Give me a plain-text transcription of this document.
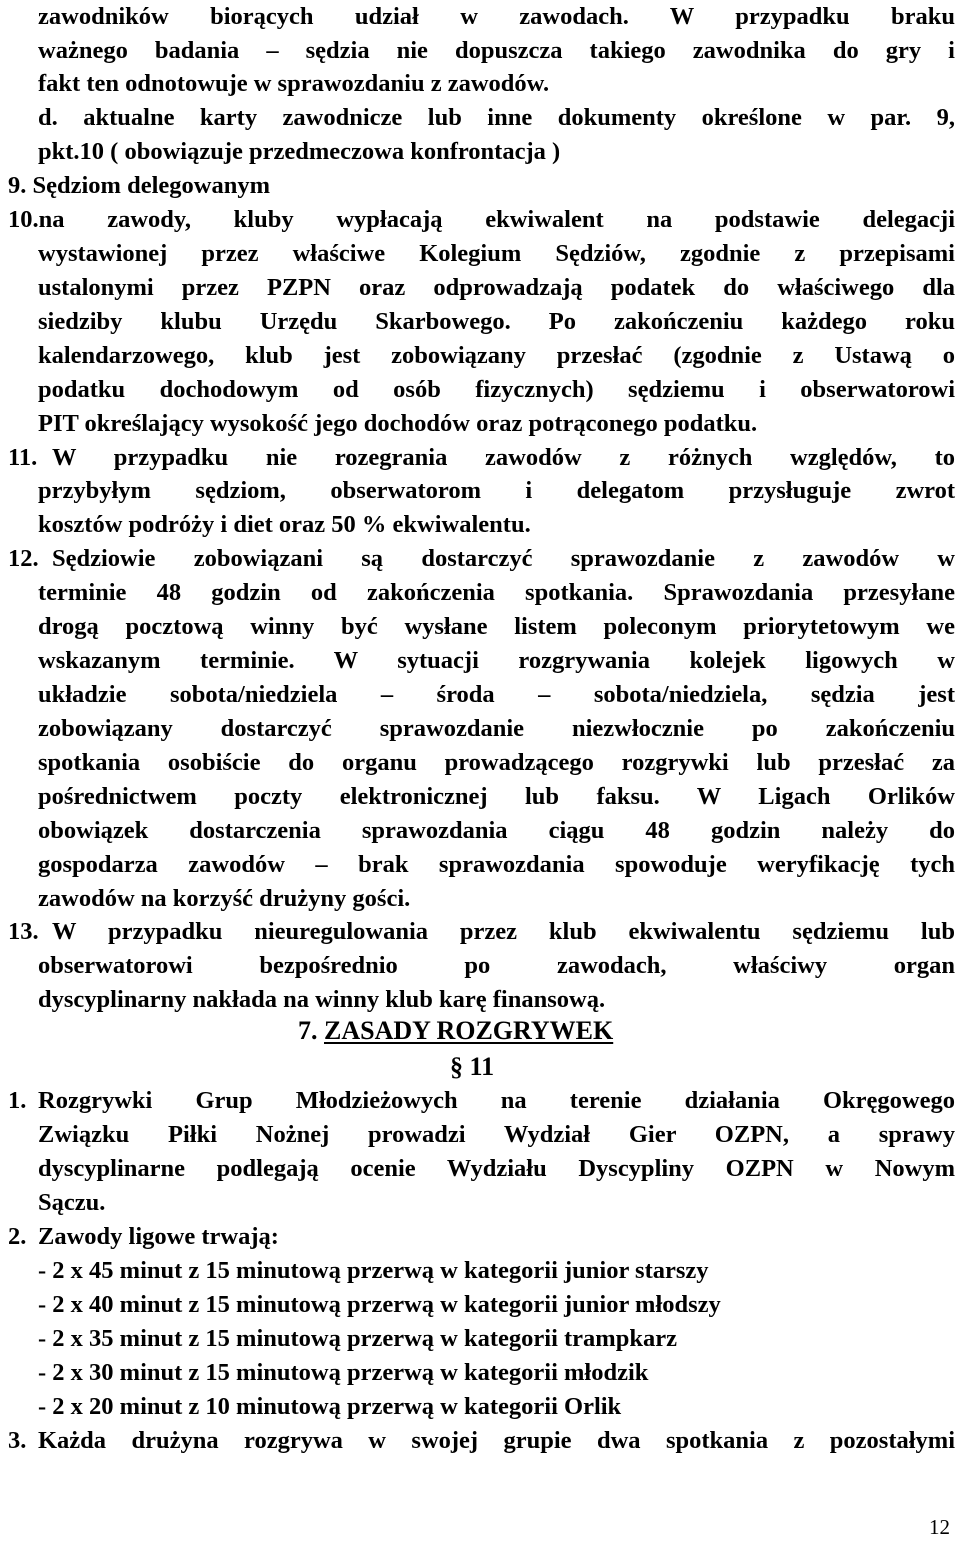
zawodników biorących udział w zawodach. W przypadku braku
ważnego badania – sędzia nie dopuszcza takiego zawodnika do gry i
fakt ten odnotowuje w sprawozdaniu z zawodów.
d. aktualne karty zawodnicze lub inne dokumenty określone w par. 9,
pkt.10 ( obowiązuje przedmeczowa konfrontacja )
9. Sędziom delegowanym
10.na zawody, kluby wypłacają ekwiwalent na podstawie delegacji
wystawionej przez właściwe Kolegium Sędziów, zgodnie z przepisami
ustalonymi przez PZPN oraz odprowadzają podatek do właściwego dla
siedziby klubu Urzędu Skarbowego. Po zakończeniu każdego roku
kalendarzowego, klub jest zobowiązany przesłać (zgodnie z Ustawą o
podatku dochodowym od osób fizycznych) sędziemu i obserwatorowi
PIT określający wysokość jego dochodów oraz potrąconego podatku.
11. W przypadku nie rozegrania zawodów z różnych względów, to
przybyłym sędziom, obserwatorom i delegatom przysługuje zwrot
kosztów podróży i diet oraz 50 % ekwiwalentu.
12. Sędziowie zobowiązani są dostarczyć sprawozdanie z zawodów w
terminie 48 godzin od zakończenia spotkania. Sprawozdania przesyłane
drogą pocztową winny być wysłane listem poleconym priorytetowym we
wskazanym terminie. W sytuacji rozgrywania kolejek ligowych w
układzie sobota/niedziela – środa – sobota/niedziela, sędzia jest
zobowiązany dostarczyć sprawozdanie niezwłocznie po zakończeniu
spotkania osobiście do organu prowadzącego rozgrywki lub przesłać za
pośrednictwem poczty elektronicznej lub faksu. W Ligach Orlików
obowiązek dostarczenia sprawozdania ciągu 48 godzin należy do
gospodarza zawodów – brak sprawozdania spowoduje weryfikację tych
zawodów na korzyść drużyny gości.
13. W przypadku nieuregulowania przez klub ekwiwalentu sędziemu lub
obserwatorowi bezpośrednio po zawodach, właściwy organ
dyscyplinarny nakłada na winny klub karę finansową.
7. ZASADY ROZGRYWEK
§ 11
1. Rozgrywki Grup Młodzieżowych na terenie działania Okręgowego
Związku Piłki Nożnej prowadzi Wydział Gier OZPN, a sprawy
dyscyplinarne podlegają ocenie Wydziału Dyscypliny OZPN w Nowym
Sączu.
2. Zawody ligowe trwają:
- 2 x 45 minut z 15 minutową przerwą w kategorii junior starszy
- 2 x 40 minut z 15 minutową przerwą w kategorii junior młodszy
- 2 x 35 minut z 15 minutową przerwą w kategorii trampkarz
- 2 x 30 minut z 15 minutową przerwą w kategorii młodzik
- 2 x 20 minut z 10 minutową przerwą w kategorii Orlik
3. Każda drużyna rozgrywa w swojej grupie dwa spotkania z pozostałymi
12
